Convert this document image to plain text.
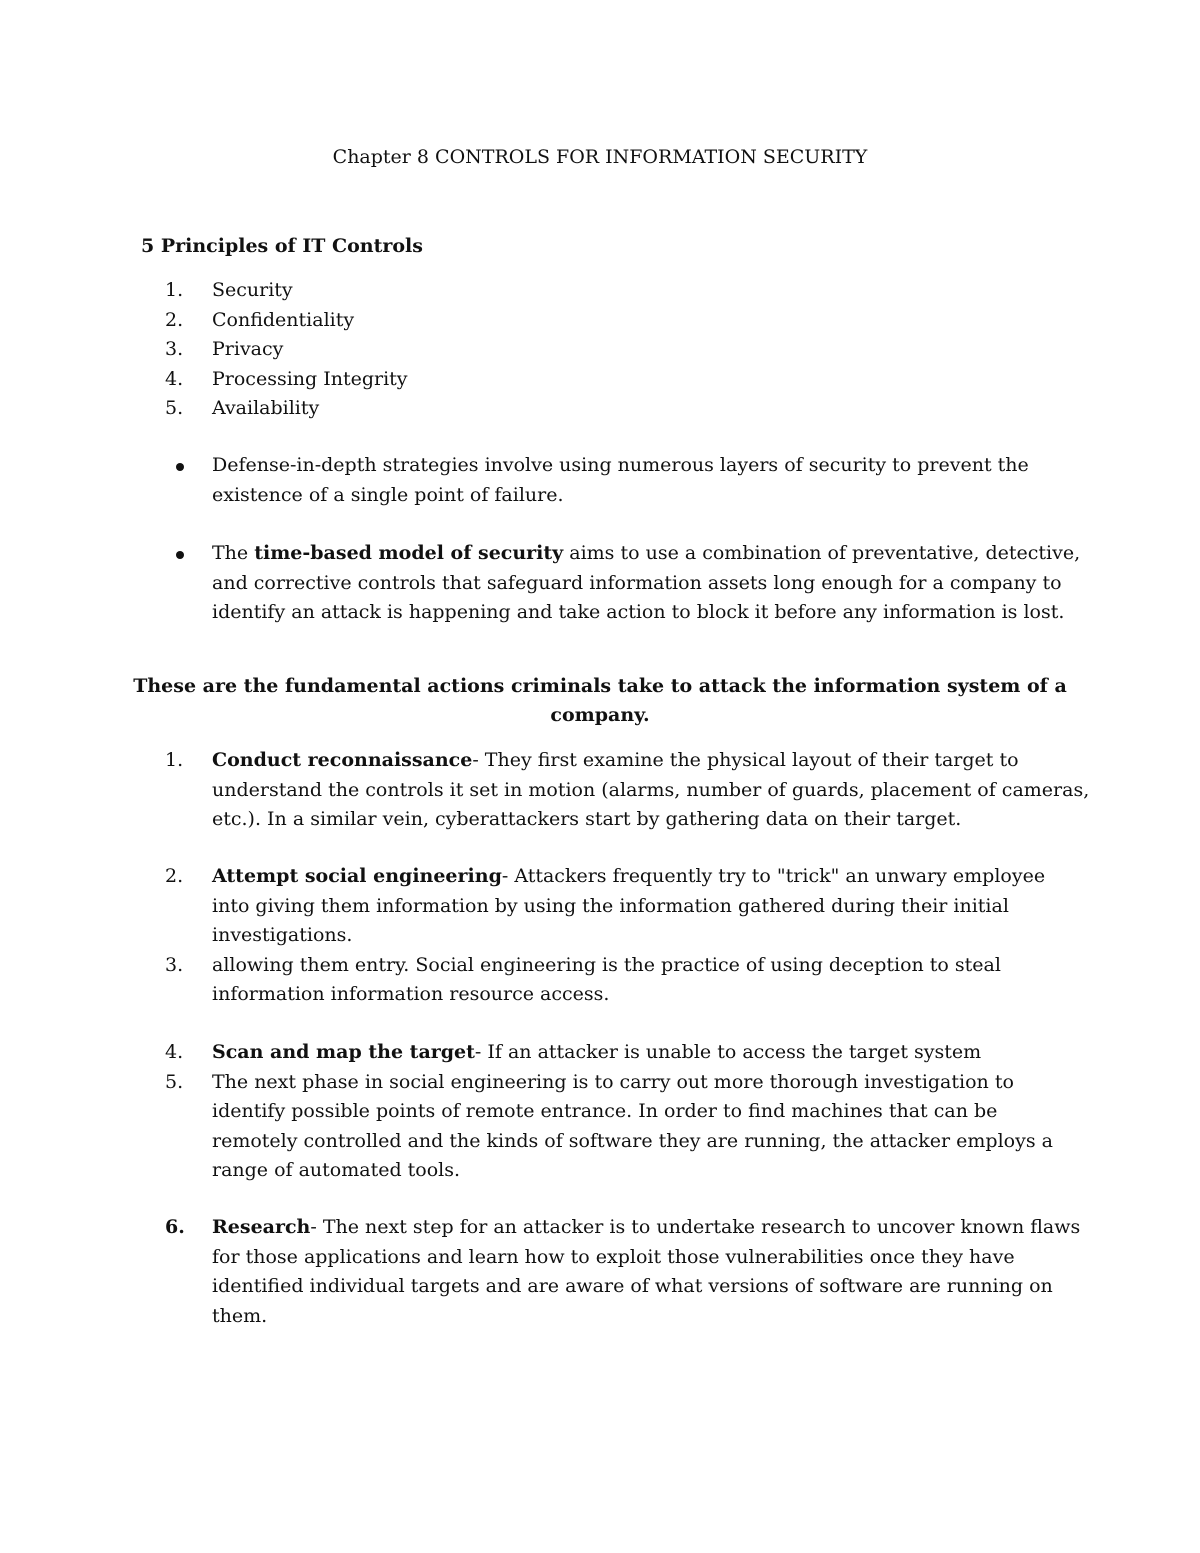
Chapter 8 CONTROLS FOR INFORMATION SECURITY
5 Principles of IT Controls
1.	Security
2.	Confidentiality
3.	Privacy
4.	Processing Integrity
5.	Availability
Defense-in-depth strategies involve using numerous layers of security to prevent the
existence of a single point of failure.
The time-based model of security aims to use a combination of preventative, detective,
and corrective controls that safeguard information assets long enough for a company to
identify an attack is happening and take action to block it before any information is lost.
These are the fundamental actions criminals take to attack the information system of a
company.
1.	Conduct reconnaissance- They first examine the physical layout of their target to
understand the controls it set in motion (alarms, number of guards, placement of cameras,
etc.). In a similar vein, cyberattackers start by gathering data on their target.
2.	Attempt social engineering- Attackers frequently try to "trick" an unwary employee
into giving them information by using the information gathered during their initial
investigations.
3.	allowing them entry. Social engineering is the practice of using deception to steal
information information resource access.
4.	Scan and map the target- If an attacker is unable to access the target system
5.	The next phase in social engineering is to carry out more thorough investigation to
identify possible points of remote entrance. In order to find machines that can be
remotely controlled and the kinds of software they are running, the attacker employs a
range of automated tools.
6.	Research- The next step for an attacker is to undertake research to uncover known flaws
for those applications and learn how to exploit those vulnerabilities once they have
identified individual targets and are aware of what versions of software are running on
them.
